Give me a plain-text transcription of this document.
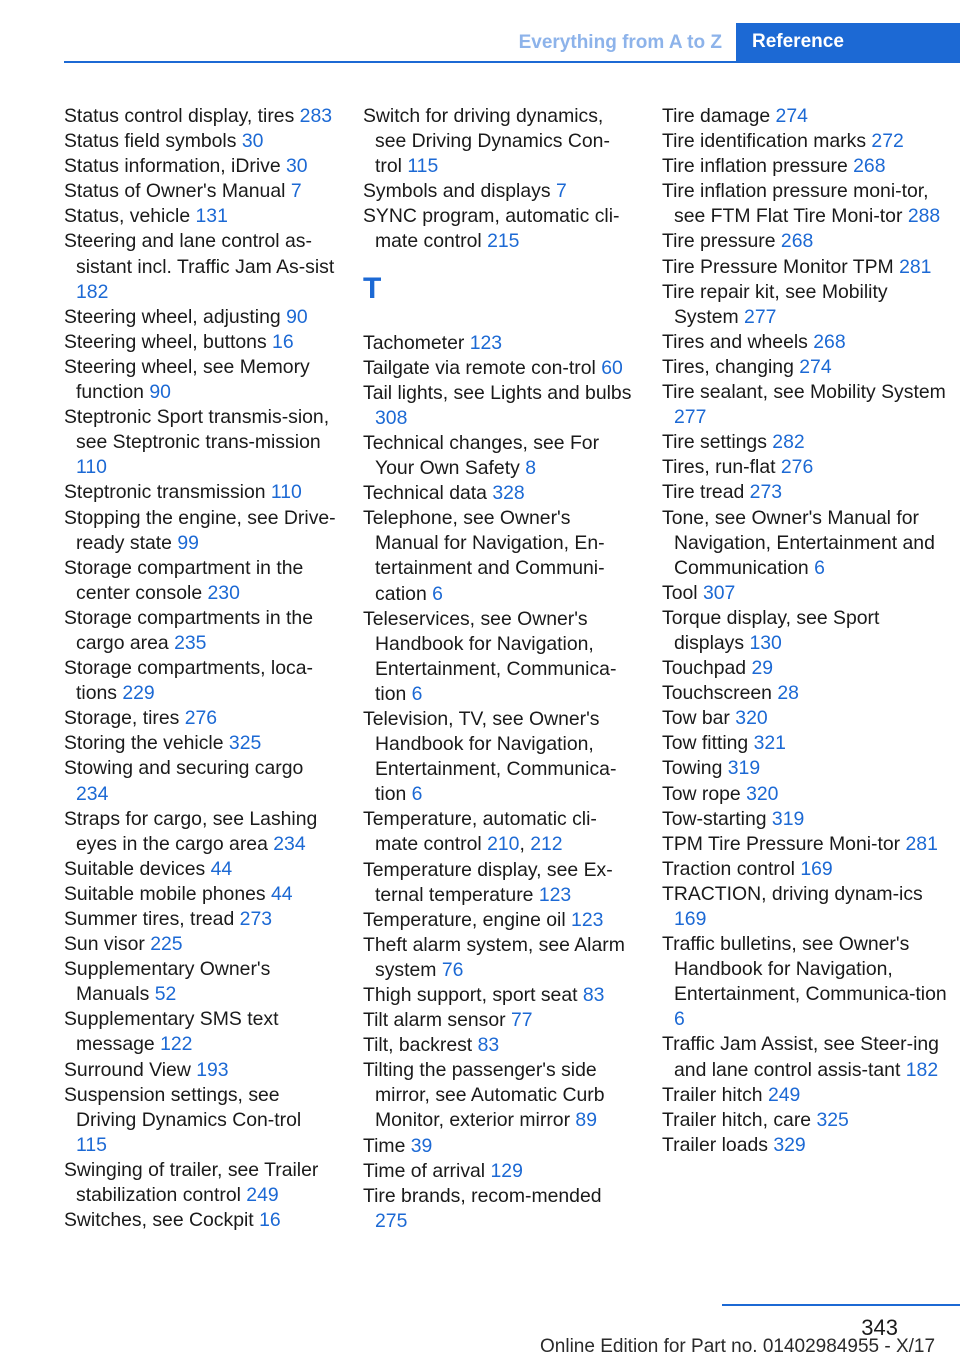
Everything from A to Z	Reference

Status control display, tires 283

Status field symbols 30

Status information, iDrive 30

Status of Owner's Manual 7

Status, vehicle 131

Steering and lane control as-sistant incl. Traffic Jam As-sist 182

Steering wheel, adjusting 90

Steering wheel, buttons 16

Steering wheel, see Memory function 90

Steptronic Sport transmis-sion, see Steptronic trans-mission 110

Steptronic transmission 110

Stopping the engine, see Drive-ready state 99

Storage compartment in the center console 230

Storage compartments in the cargo area 235

Storage compartments, loca-tions 229

Storage, tires 276

Storing the vehicle 325

Stowing and securing cargo 234

Straps for cargo, see Lashing eyes in the cargo area 234

Suitable devices 44

Suitable mobile phones 44

Summer tires, tread 273

Sun visor 225

Supplementary Owner's Manuals 52

Supplementary SMS text message 122

Surround View 193

Suspension settings, see Driving Dynamics Con-trol 115

Swinging of trailer, see Trailer stabilization control 249

Switches, see Cockpit 16

Switch for driving dynamics, see Driving Dynamics Con-trol 115

Symbols and displays 7

SYNC program, automatic cli-mate control 215

T

Tachometer 123

Tailgate via remote con-trol 60

Tail lights, see Lights and bulbs 308

Technical changes, see For Your Own Safety 8

Technical data 328

Telephone, see Owner's Manual for Navigation, En-tertainment and Communi-cation 6

Teleservices, see Owner's Handbook for Navigation, Entertainment, Communica-tion 6

Television, TV, see Owner's Handbook for Navigation, Entertainment, Communica-tion 6

Temperature, automatic cli-mate control 210, 212

Temperature display, see Ex-ternal temperature 123

Temperature, engine oil 123

Theft alarm system, see Alarm system 76

Thigh support, sport seat 83

Tilt alarm sensor 77

Tilt, backrest 83

Tilting the passenger's side mirror, see Automatic Curb Monitor, exterior mirror 89

Time 39

Time of arrival 129

Tire brands, recom-mended 275

Tire damage 274

Tire identification marks 272

Tire inflation pressure 268

Tire inflation pressure moni-tor, see FTM Flat Tire Moni-tor 288

Tire pressure 268

Tire Pressure Monitor TPM 281

Tire repair kit, see Mobility System 277

Tires and wheels 268

Tires, changing 274

Tire sealant, see Mobility System 277

Tire settings 282

Tires, run-flat 276

Tire tread 273

Tone, see Owner's Manual for Navigation, Entertainment and Communication 6

Tool 307

Torque display, see Sport displays 130

Touchpad 29

Touchscreen 28

Tow bar 320

Tow fitting 321

Towing 319

Tow rope 320

Tow-starting 319

TPM Tire Pressure Moni-tor 281

Traction control 169

TRACTION, driving dynam-ics 169

Traffic bulletins, see Owner's Handbook for Navigation, Entertainment, Communica-tion 6

Traffic Jam Assist, see Steer-ing and lane control assis-tant 182

Trailer hitch 249

Trailer hitch, care 325

Trailer loads 329

343
Online Edition for Part no. 01402984955 - X/17
